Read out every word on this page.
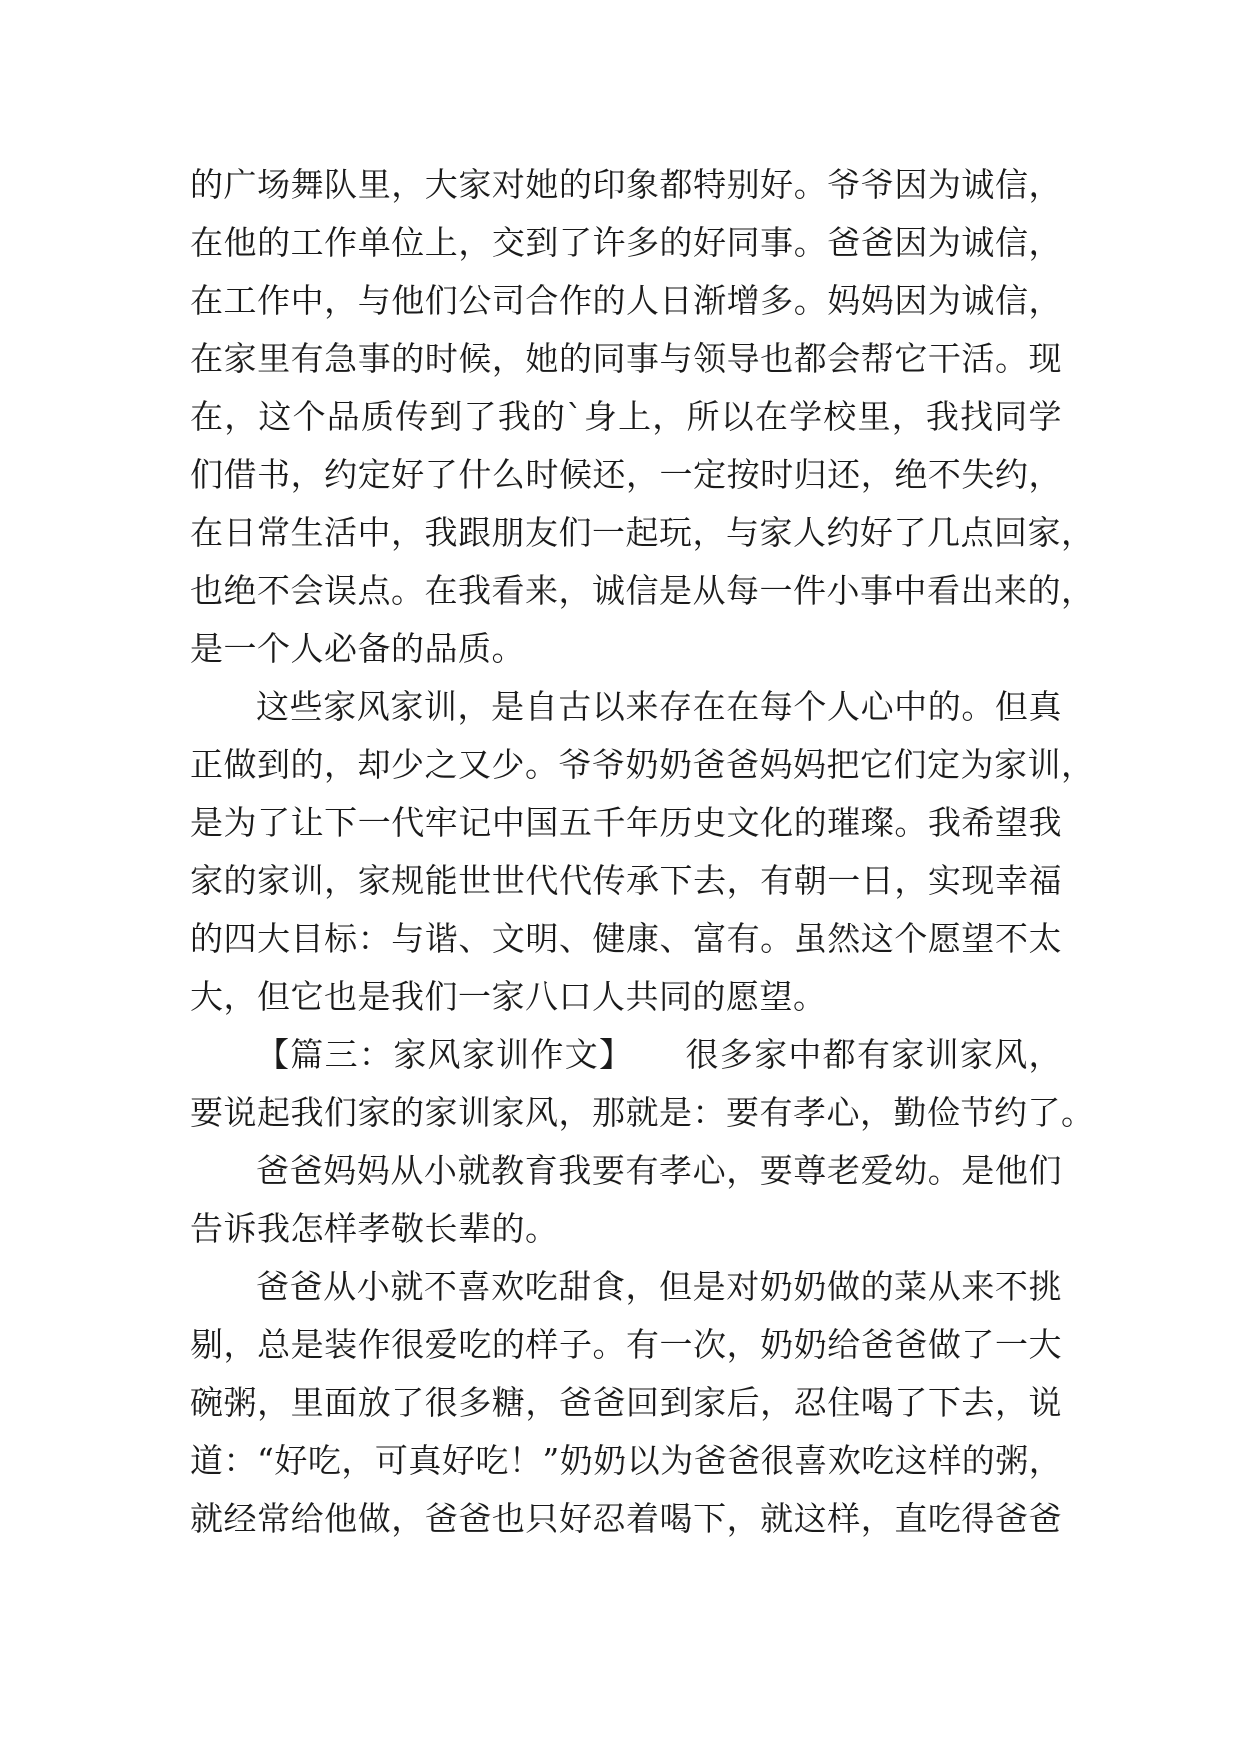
的广场舞队里，大家对她的印象都特别好。爷爷因为诚信，
在他的工作单位上，交到了许多的好同事。爸爸因为诚信，
在工作中，与他们公司合作的人日渐增多。妈妈因为诚信，
在家里有急事的时候，她的同事与领导也都会帮它干活。现
在，这个品质传到了我的`身上，所以在学校里，我找同学
们借书，约定好了什么时候还，一定按时归还，绝不失约，
在日常生活中，我跟朋友们一起玩，与家人约好了几点回家，
也绝不会误点。在我看来，诚信是从每一件小事中看出来的，
是一个人必备的品质。
这些家风家训，是自古以来存在在每个人心中的。但真
正做到的，却少之又少。爷爷奶奶爸爸妈妈把它们定为家训，
是为了让下一代牢记中国五千年历史文化的璀璨。我希望我
家的家训，家规能世世代代传承下去，有朝一日，实现幸福
的四大目标：与谐、文明、健康、富有。虽然这个愿望不太
大，但它也是我们一家八口人共同的愿望。
【篇三：家风家训作文】　　很多家中都有家训家风，
要说起我们家的家训家风，那就是：要有孝心，勤俭节约了。
爸爸妈妈从小就教育我要有孝心，要尊老爱幼。是他们
告诉我怎样孝敬长辈的。
爸爸从小就不喜欢吃甜食，但是对奶奶做的菜从来不挑
剔，总是装作很爱吃的样子。有一次，奶奶给爸爸做了一大
碗粥，里面放了很多糖，爸爸回到家后，忍住喝了下去，说
道：“好吃，可真好吃！”奶奶以为爸爸很喜欢吃这样的粥，
就经常给他做，爸爸也只好忍着喝下，就这样，直吃得爸爸
